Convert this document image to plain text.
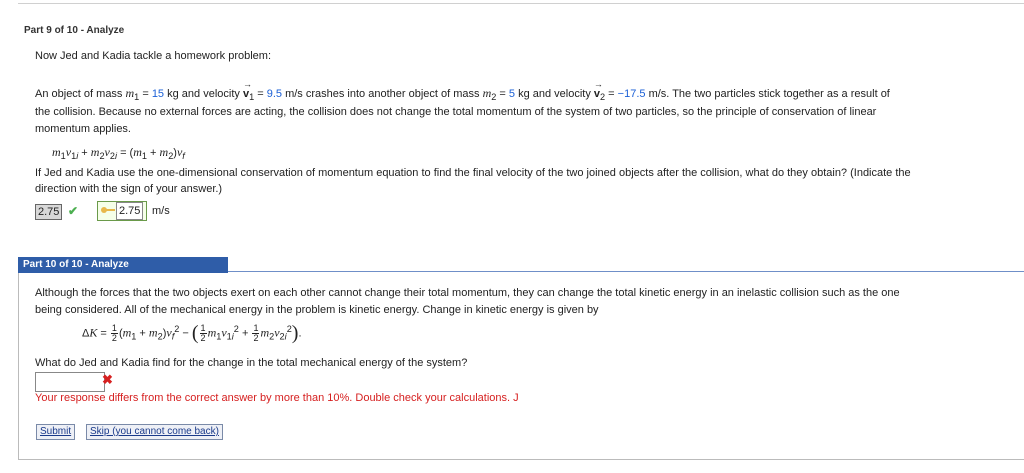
Part 9 of 10 - Analyze
Now Jed and Kadia tackle a homework problem:
An object of mass $m_1 = 15$ kg and velocity → $v_1 = 9.5$ m/s crashes into another object of mass $m_2 = 5$ kg and velocity → $v_2 = -17.5$ m/s. The two particles stick together as a result of
the collision. Because no external forces are acting, the collision does not change the total momentum of the system of two particles, so the principle of conservation of linear
momentum applies.
$m_1v_{1i} + m_2v_{2i} = (m_1 + m_2)v_f$
If Jed and Kadia use the one-dimensional conservation of momentum equation to find the final velocity of the two joined objects after the collision, what do they obtain? (Indicate the
direction with the sign of your answer.)
2.75 ✔	2.75 m/s
Part 10 of 10 - Analyze
Although the forces that the two objects exert on each other cannot change their total momentum, they can change the total kinetic energy in an inelastic collision such as the one
being considered. All of the mechanical energy in the problem is kinetic energy. Change in kinetic energy is given by
$\Delta K = \frac{1}{2} (m_1 + m_2)v_f^2$ − ( $\frac{1}{2} m_1v_{1i}^2 + \frac{1}{2} m_2v_{2i}^2$).
What do Jed and Kadia find for the change in the total mechanical energy of the system?
✖
Your response differs from the correct answer by more than 10%. Double check your calculations. J
Submit	Skip (you cannot come back)
